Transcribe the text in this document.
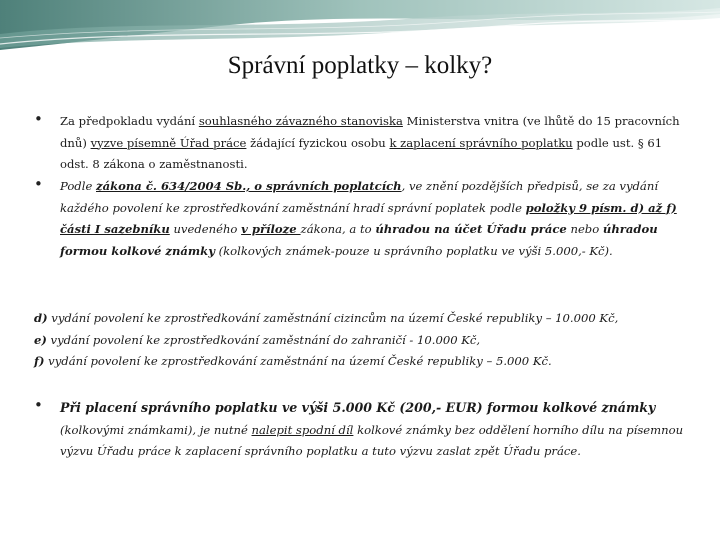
Správní poplatky – kolky?
• Za předpokladu vydání souhlasného závazného stanoviska Ministerstva vnitra (ve lhůtě do 15 pracovních dnů) vyzve písemně Úřad práce žádající fyzickou osobu k zaplacení správního poplatku podle ust. § 61 odst. 8 zákona o zaměstnanosti.
• Podle zákona č. 634/2004 Sb., o správních poplatcích, ve znění pozdějších předpisů, se za vydání každého povolení ke zprostředkování zaměstnání hradí správní poplatek podle položky 9 písm. d) až f) části I sazebníku uvedeného v příloze zákona, a to úhradou na účet Úřadu práce nebo úhradou formou kolkové známky (kolkových známek-pouze u správního poplatku ve výši 5.000,- Kč).
d) vydání povolení ke zprostředkování zaměstnání cizincům na území České republiky – 10.000 Kč,
e) vydání povolení ke zprostředkování zaměstnání do zahraničí - 10.000 Kč,
f) vydání povolení ke zprostředkování zaměstnání na území České republiky – 5.000 Kč.
• Při placení správního poplatku ve výši 5.000 Kč (200,- EUR) formou kolkové známky (kolkovými známkami), je nutné nalepit spodní díl kolkové známky bez oddělení horního dílu na písemnou výzvu Úřadu práce k zaplacení správního poplatku a tuto výzvu zaslat zpět Úřadu práce.
